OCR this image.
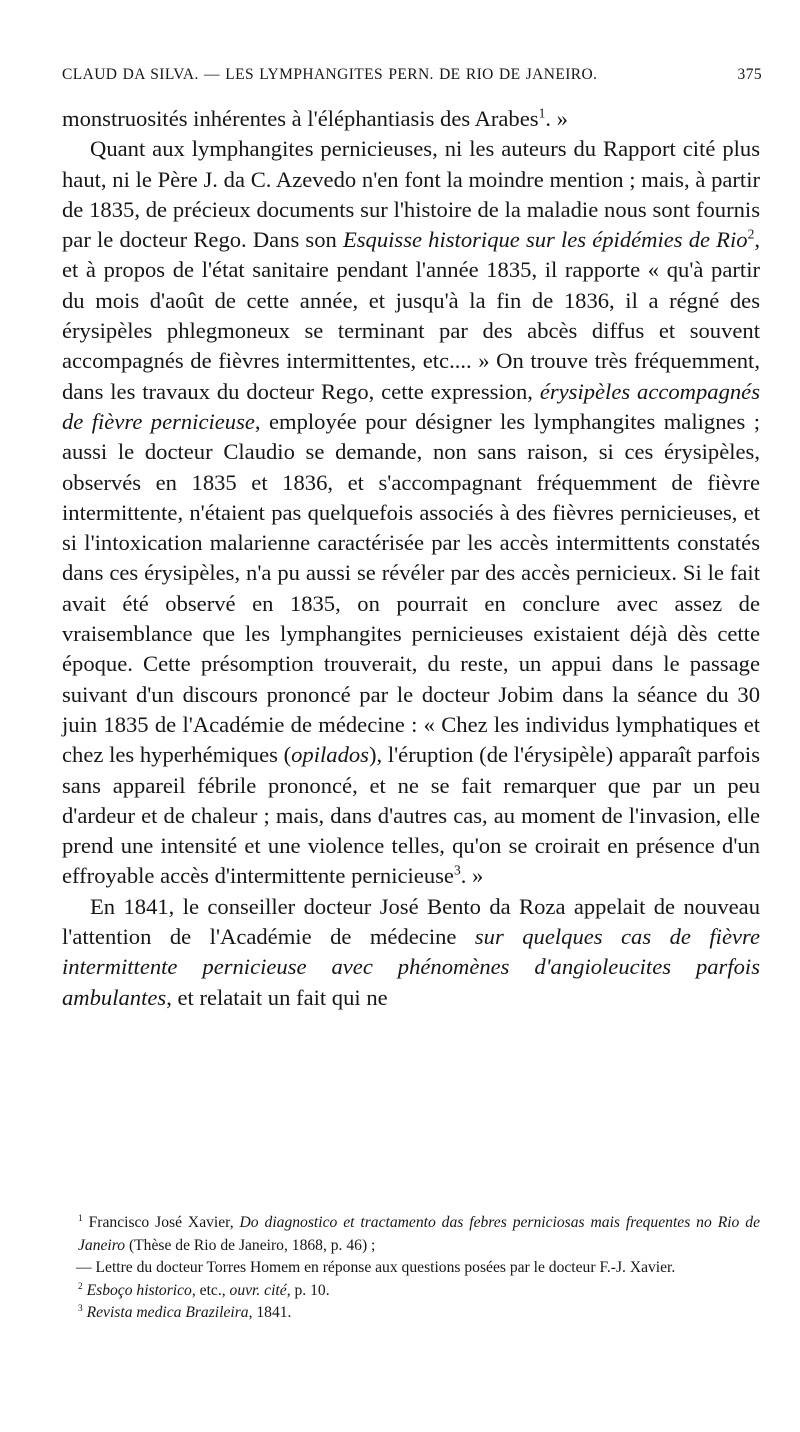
CLAUD DA SILVA. — LES LYMPHANGITES PERN. DE RIO DE JANEIRO.	375

monstruosités inhérentes à l'éléphantiasis des Arabes$^1$. »

Quant aux lymphangites pernicieuses, ni les auteurs du Rapport cité plus haut, ni le Père J. da C. Azevedo n'en font la moindre mention ; mais, à partir de 1835, de précieux documents sur l'histoire de la maladie nous sont fournis par le docteur Rego. Dans son Esquisse historique sur les épidémies de Rio$^2$, et à propos de l'état sanitaire pendant l'année 1835, il rapporte « qu'à partir du mois d'août de cette année, et jusqu'à la fin de 1836, il a régné des érysipèles phlegmoneux se terminant par des abcès diffus et souvent accompagnés de fièvres intermittentes, etc.... » On trouve très fréquemment, dans les travaux du docteur Rego, cette expression, érysipèles accompagnés de fièvre pernicieuse, employée pour désigner les lymphangites malignes ; aussi le docteur Claudio se demande, non sans raison, si ces érysipèles, observés en 1835 et 1836, et s'accompagnant fréquemment de fièvre intermittente, n'étaient pas quelquefois associés à des fièvres pernicieuses, et si l'intoxication malarienne caractérisée par les accès intermittents constatés dans ces érysipèles, n'a pu aussi se révéler par des accès pernicieux. Si le fait avait été observé en 1835, on pourrait en conclure avec assez de vraisemblance que les lymphangites pernicieuses existaient déjà dès cette époque. Cette présomption trouverait, du reste, un appui dans le passage suivant d'un discours prononcé par le docteur Jobim dans la séance du 30 juin 1835 de l'Académie de médecine : « Chez les individus lymphatiques et chez les hyperhémiques (opilados), l'éruption (de l'érysipèle) apparaît parfois sans appareil fébrile prononcé, et ne se fait remarquer que par un peu d'ardeur et de chaleur ; mais, dans d'autres cas, au moment de l'invasion, elle prend une intensité et une violence telles, qu'on se croirait en présence d'un effroyable accès d'intermittente pernicieuse$^3$. »

En 1841, le conseiller docteur José Bento da Roza appelait de nouveau l'attention de l'Académie de médecine sur quelques cas de fièvre intermittente pernicieuse avec phénomènes d'angioleucites parfois ambulantes, et relatait un fait qui ne

$^1$ Francisco José Xavier, Do diagnostico et tractamento das febres perniciosas mais frequentes no Rio de Janeiro (Thèse de Rio de Janeiro, 1868, p. 46) ;

— Lettre du docteur Torres Homem en réponse aux questions posées par le docteur F.-J. Xavier.

$^2$ Esboço historico, etc., ouvr. cité, p. 10.

$^3$ Revista medica Brazileira, 1841.
